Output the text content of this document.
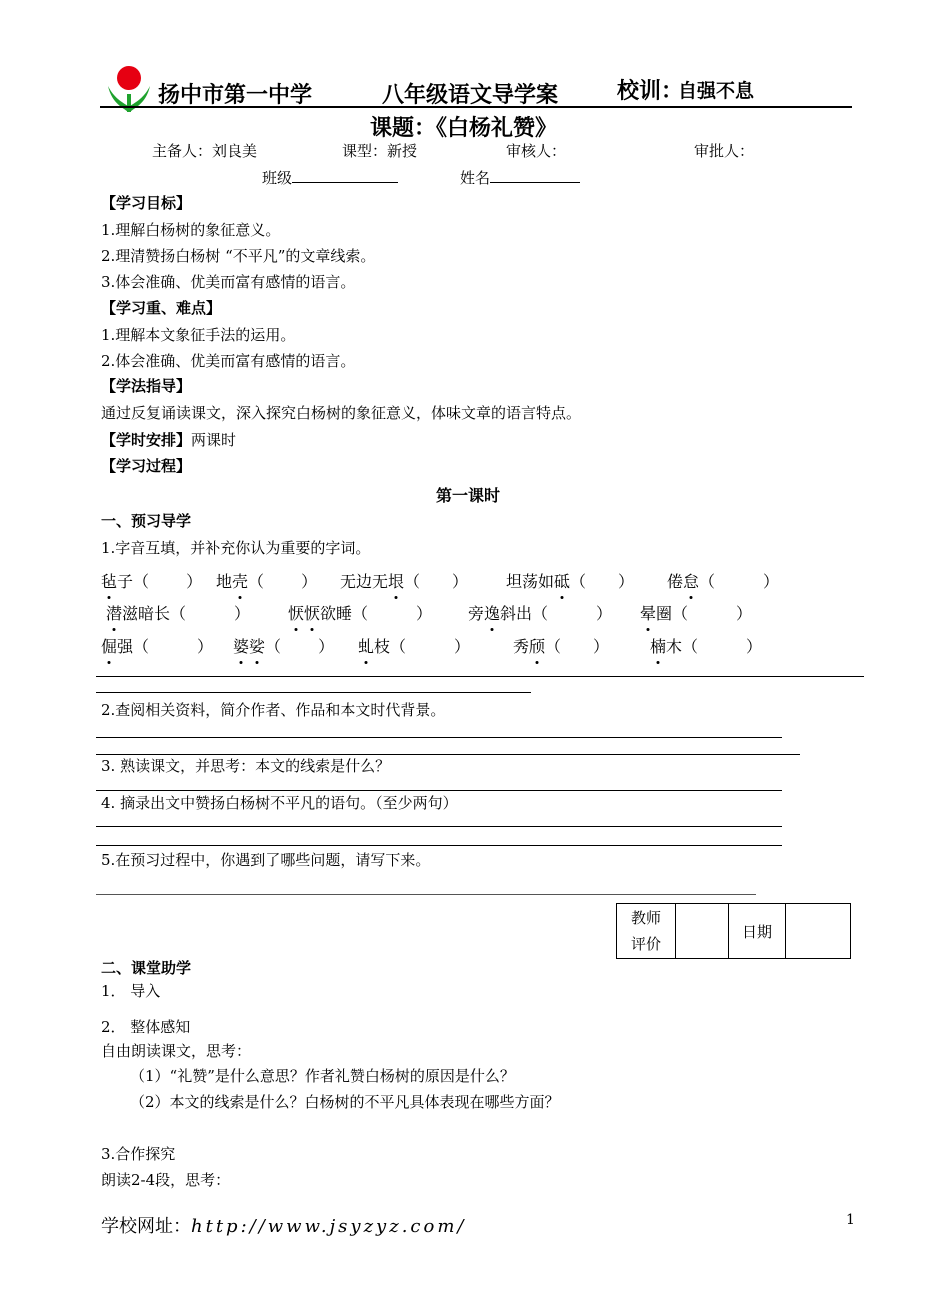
扬中市第一中学	八年级语文导学案	校训：
自强不息
课题：《白杨礼赞》
主备人：刘良美	课型：新授	审核人：	审批人：
班级	姓名
【学习目标】
1.理解白杨树的象征意义。
2.理清赞扬白杨树 “不平凡”的文章线索。
3.体会准确、优美而富有感情的语言。
【学习重、难点】
1.理解本文象征手法的运用。
2.体会准确、优美而富有感情的语言。
【学法指导】
通过反复诵读课文，深入探究白杨树的象征意义，体味文章的语言特点。
【学时安排】两课时
【学习过程】
第一课时
一、预习导学
1.字音互填，并补充你认为重要的字词。
毡子（　　 ） 地壳（　　 ） 无边无垠（　　） 坦荡如砥（　　） 倦怠（　　　）
潜滋暗长（　　　） 恹恹欲睡（　　　） 旁逸斜出（　　　） 晕圈（　　　）
倔强（　　　） 婆娑（　　 ） 虬枝（　　　）	秀颀（　　）	楠木（　　　）
2.查阅相关资料，简介作者、作品和本文时代背景。
3. 熟读课文，并思考：本文的线索是什么？
4. 摘录出文中赞扬白杨树不平凡的语句。（至少两句）
5.在预习过程中，你遇到了哪些问题，请写下来。
教师
评价		日期	
二、课堂助学
1． 导入
2． 整体感知
自由朗读课文，思考：
（1）“礼赞”是什么意思？作者礼赞白杨树的原因是什么？
（2）本文的线索是什么？白杨树的不平凡具体表现在哪些方面？
3.合作探究
朗读2-4段，思考：
学校网址：http://www.jsyzyz.com/	1
